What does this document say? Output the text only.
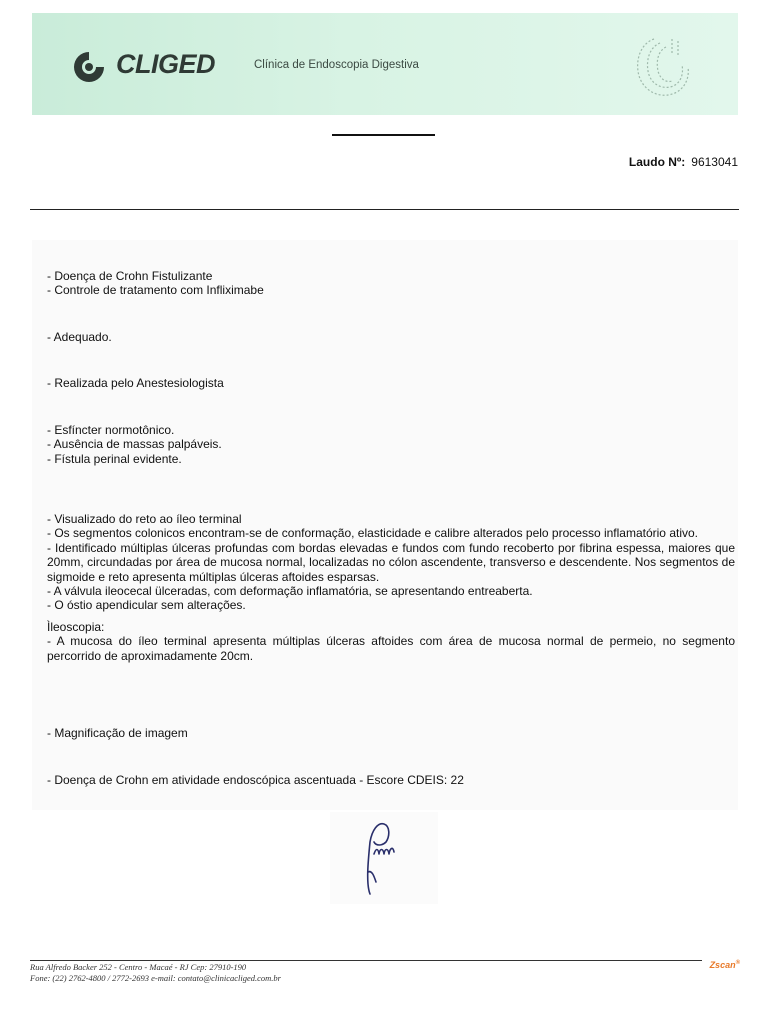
CLIGED	Clínica de Endoscopia Digestiva
Laudo Nº: 9613041

- Doença de Crohn Fistulizante

- Controle de tratamento com Infliximabe

- Adequado.

- Realizada pelo Anestesiologista

- Esfíncter normotônico.

- Ausência de massas palpáveis.

- Fístula perinal evidente.

- Visualizado do reto ao íleo terminal

- Os segmentos colonicos encontram-se de conformação, elasticidade e calibre alterados pelo processo inflamatório ativo.

- Identificado múltiplas úlceras profundas com bordas elevadas e fundos com fundo recoberto por fibrina espessa, maiores que 20mm, circundadas por área de mucosa normal, localizadas no cólon ascendente, transverso e descendente. Nos segmentos de sigmoide e reto apresenta múltiplas úlceras aftoides esparsas.

- A válvula ileocecal ülceradas, com deformação inflamatória, se apresentando entreaberta.

- O óstio apendicular sem alterações.

Ìleoscopia:

- A mucosa do íleo terminal apresenta múltiplas úlceras aftoides com área de mucosa normal de permeio, no segmento percorrido de aproximadamente 20cm.

- Magnificação de imagem

- Doença de Crohn em atividade endoscópica ascentuada - Escore CDEIS: 22

Rua Alfredo Backer 252 - Centro - Macaé - RJ Cep: 27910-190
Fone: (22) 2762-4800 / 2772-2693 e-mail: contato@clinicacliged.com.br
Zscan®
